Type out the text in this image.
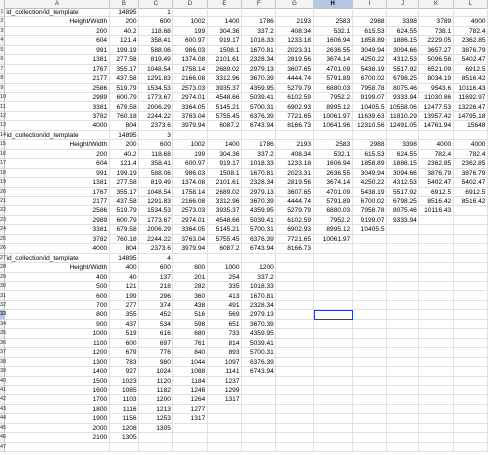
A	B	C	D	E	F	G	H	I	J	K	L
1 id_collection/id_template	14895	1
2	Height/Width	200	600	1002	1400	1786	2193	2583	2988	3398	3789	4000
3	200	40.2	118.68	199	304.36	337.2	408.34	532.1	615.53	624.55	738.1	782.4
4	604	121.4	358.41	600.97	919.17	1018.33	1233.18	1606.94	1858.89	1886.15	2229.05	2362.85
5	991	199.19	588.06	986.03	1508.1	1670.81	2023.31	2636.55	3049.94	3094.66	3657.27	3876.79
6	1381	277.58	819.49	1374.08	2101.61	2328.34	2819.56	3674.14	4250.22	4312.53	5096.56	5402.47
7	1767	355.17	1048.54	1758.14	2689.02	2979.13	3607.65	4701.09	5438.19	5517.92	6521.09	6912.5
8	2177	437.58	1291.83	2166.08	3312.96	3670.39	4444.74	5791.89	6700.02	6798.25	8034.19	8516.42
9	2586	519.79	1534.53	2573.03	3935.37	4359.95	5279.79	6880.03	7958.78	8075.46	9543.6	10116.43
10	2989	600.79	1773.67	2974.01	4548.66	5039.41	6102.59	7952.2	9199.07	9333.94	11030.86	11692.97
11	3381	679.58	2006.29	3364.05	5145.21	5700.31	6902.93	8995.12	10405.5 10558.06	12477.53	13226.47
12	3782	760.18	2244.22	3763.04	5755.45	6376.39	7721.65	10061.97	11639.63 11810.29	13957.42	14795.18
13	4000	804	2373.6	3979.94	6087.2	6743.94	8166.73	10641.96	12310.56 12491.05	14761.94	15648
14 id_collection/id_template	14895	3
15	Height/Width	200	600	1002	1400	1786	2193	2583	2988	3398	4000	4000
16	200	40.2	118.68	199	304.36	337.2	408.34	532.1	615.53	624.55	782.4	782.4
17	604	121.4	358.41	600.97	919.17	1018.33	1233.18	1606.94	1858.89	1886.15	2362.85	2362.85
18	991	199.19	588.06	986.03	1508.1	1670.81	2023.31	2636.55	3049.94	3094.66	3876.79	3876.79
19	1381	277.58	819.49	1374.08	2101.61	2328.34	2819.56	3674.14	4250.22	4312.53	5402.47	5402.47
20	1767	355.17	1048.54	1758.14	2689.02	2979.13	3607.65	4701.09	5438.19	5517.92	6912.5	6912.5
21	2177	437.58	1291.83	2166.08	3312.96	3670.39	4444.74	5791.89	6700.02	6798.25	8516.42	8516.42
22	2586	519.79	1534.53	2573.03	3935.37	4359.95	5279.79	6880.03	7958.78	8075.46	10116.43
23	2989	600.79	1773.67	2974.01	4548.66	5039.41	6102.59	7952.2	9199.07	9333.94
24	3381	679.58	2006.29	3364.05	5145.21	5700.31	6902.93	8995.12	10405.5
25	3782	760.18	2244.22	3763.04	5755.45	6376.39	7721.65	10061.97
26	4000	804	2373.6	3979.94	6087.2	6743.94	8166.73
27 id_collection/id_template	14895	4
28	Height/Width	400	600	800	1000	1200
29	400	40	137	201	254	337.2
30	500	121	218	282	335	1018.33
31	600	199	296	360	413	1670.81
32	700	277	374	438	491	2328.34
33	800	355	452	516	569	2979.13
34	900	437	534	598	651	3670.39
35	1000	519	616	680	733	4359.95
36	1100	600	697	761	814	5039.41
37	1200	679	776	840	893	5700.31
38	1300	783	980	1044	1097	6376.39
39	1400	927	1024	1088	1141	6743.94
40	1500	1023	1120	1184	1237
41	1600	1085	1182	1246	1299
42	1700	1103	1200	1264	1317
43	1800	1116	1213	1277
44	1900	1156	1253	1317
45	2000	1208	1305
46	2100	1305
47
